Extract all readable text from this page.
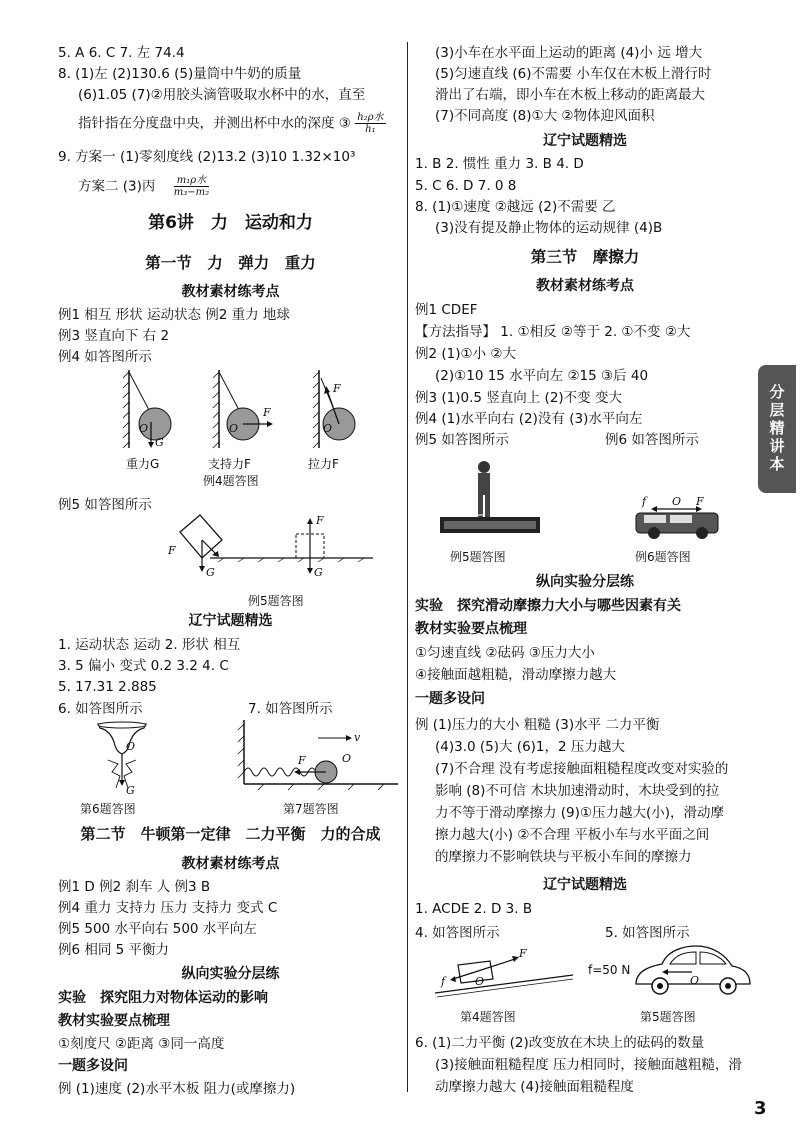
5. A 6. C 7. 左 74.4
8. (1)左 (2)130.6 (5)量筒中牛奶的质量
(6)1.05 (7)②用胶头滴管吸取水杯中的水，直至
指针指在分度盘中央，并测出杯中水的深度 ③ $\frac{\text{h₂ρ水}}{\text{h₁}}$
9. 方案一 (1)零刻度线 (2)13.2 (3)10 1.32×10³
方案二 (3)丙 $\frac{\text{m₁ρ水}}{\text{m₃−m₂}}$
第6讲　力　运动和力
第一节　力　弹力　重力
教材素材练考点
例1 相互 形状 运动状态 例2 重力 地球
例3 竖直向下 右 2
例4 如答图所示
O
G
重力G
O
F
支持力F
O
F
拉力F
例4题答图
例5 如答图所示
F
G
F
G
例5题答图
辽宁试题精选
1. 运动状态 运动 2. 形状 相互
3. 5 偏小 变式 0.2 3.2 4. C
5. 17.31 2.885
6. 如答图所示	7. 如答图所示
O
G
第6题答图
F	O
v
第7题答图
第二节　牛顿第一定律　二力平衡　力的合成
教材素材练考点
例1 D 例2 刹车 人 例3 B
例4 重力 支持力 压力 支持力 变式 C
例5 500 水平向右 500 水平向左
例6 相同 5 平衡力
纵向实验分层练
实验　探究阻力对物体运动的影响
教材实验要点梳理
①刻度尺 ②距离 ③同一高度
一题多设问
例 (1)速度 (2)水平木板 阻力(或摩擦力)
(3)小车在水平面上运动的距离 (4)小 远 增大
(5)匀速直线 (6)不需要 小车仅在木板上滑行时
滑出了右端，即小车在木板上移动的距离最大
(7)不同高度 (8)①大 ②物体迎风面积
辽宁试题精选
1. B 2. 惯性 重力 3. B 4. D
5. C 6. D 7. 0 8
8. (1)①速度 ②越远 (2)不需要 乙
(3)没有提及静止物体的运动规律 (4)B
第三节　摩擦力
教材素材练考点
例1 CDEF
【方法指导】 1. ①相反 ②等于 2. ①不变 ②大
例2 (1)①小 ②大
(2)①10 15 水平向左 ②15 ③后 40
例3 (1)0.5 竖直向上 (2)不变 变大
例4 (1)水平向右 (2)没有 (3)水平向左
例5 如答图所示	例6 如答图所示
例5题答图
f O F
例6题答图
纵向实验分层练
实验　探究滑动摩擦力大小与哪些因素有关
教材实验要点梳理
①匀速直线 ②砝码 ③压力大小
④接触面越粗糙，滑动摩擦力越大
一题多设问
例 (1)压力的大小 粗糙 (3)水平 二力平衡
(4)3.0 (5)大 (6)1，2 压力越大
(7)不合理 没有考虑接触面粗糙程度改变对实验的
影响 (8)不可信 木块加速滑动时，木块受到的拉
力不等于滑动摩擦力 (9)①压力越大(小)，滑动摩
擦力越大(小) ②不合理 平板小车与水平面之间
的摩擦力不影响铁块与平板小车间的摩擦力
辽宁试题精选
1. ACDE 2. D 3. B
4. 如答图所示	5. 如答图所示
F
f	O
第4题答图
O
f=50 N
第5题答图
6. (1)二力平衡 (2)改变放在木块上的砝码的数量
(3)接触面粗糙程度 压力相同时，接触面越粗糙，滑
动摩擦力越大 (4)接触面粗糙程度
分层精讲本
3
